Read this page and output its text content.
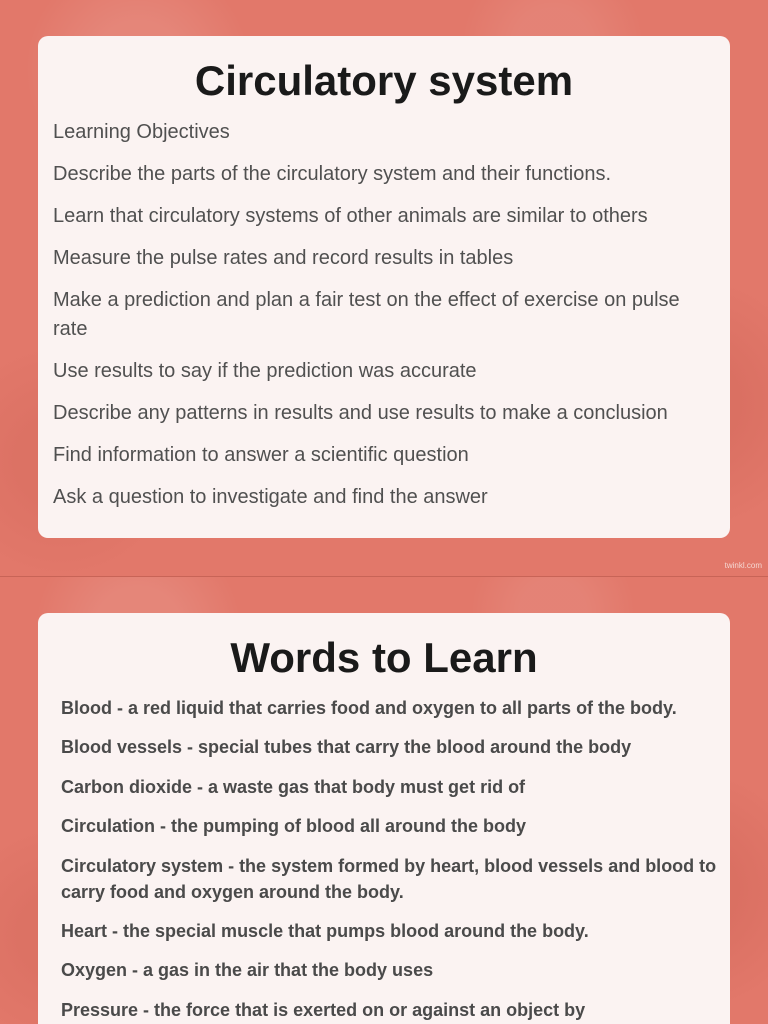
Circulatory system
Learning Objectives
Describe the parts of the circulatory system and their functions.
Learn that circulatory systems of other animals are similar to others
Measure the pulse rates and record results in tables
Make a prediction and plan a fair test on the effect of exercise on pulse rate
Use results to say if the prediction was accurate
Describe any patterns in results and use results to make a conclusion
Find information to answer a scientific question
Ask a question to investigate and find the answer
twinkl.com
Words to Learn
Blood - a red liquid that carries food and oxygen to all parts of the body.
Blood vessels - special tubes that carry the blood around the body
Carbon dioxide - a waste gas that body must get rid of
Circulation - the pumping of blood all around the body
Circulatory system - the system formed by heart, blood vessels and blood to carry food and oxygen around the body.
Heart - the special muscle that pumps blood around the body.
Oxygen - a gas in the air that the body uses
Pressure - the force that is exerted on or against an object by
